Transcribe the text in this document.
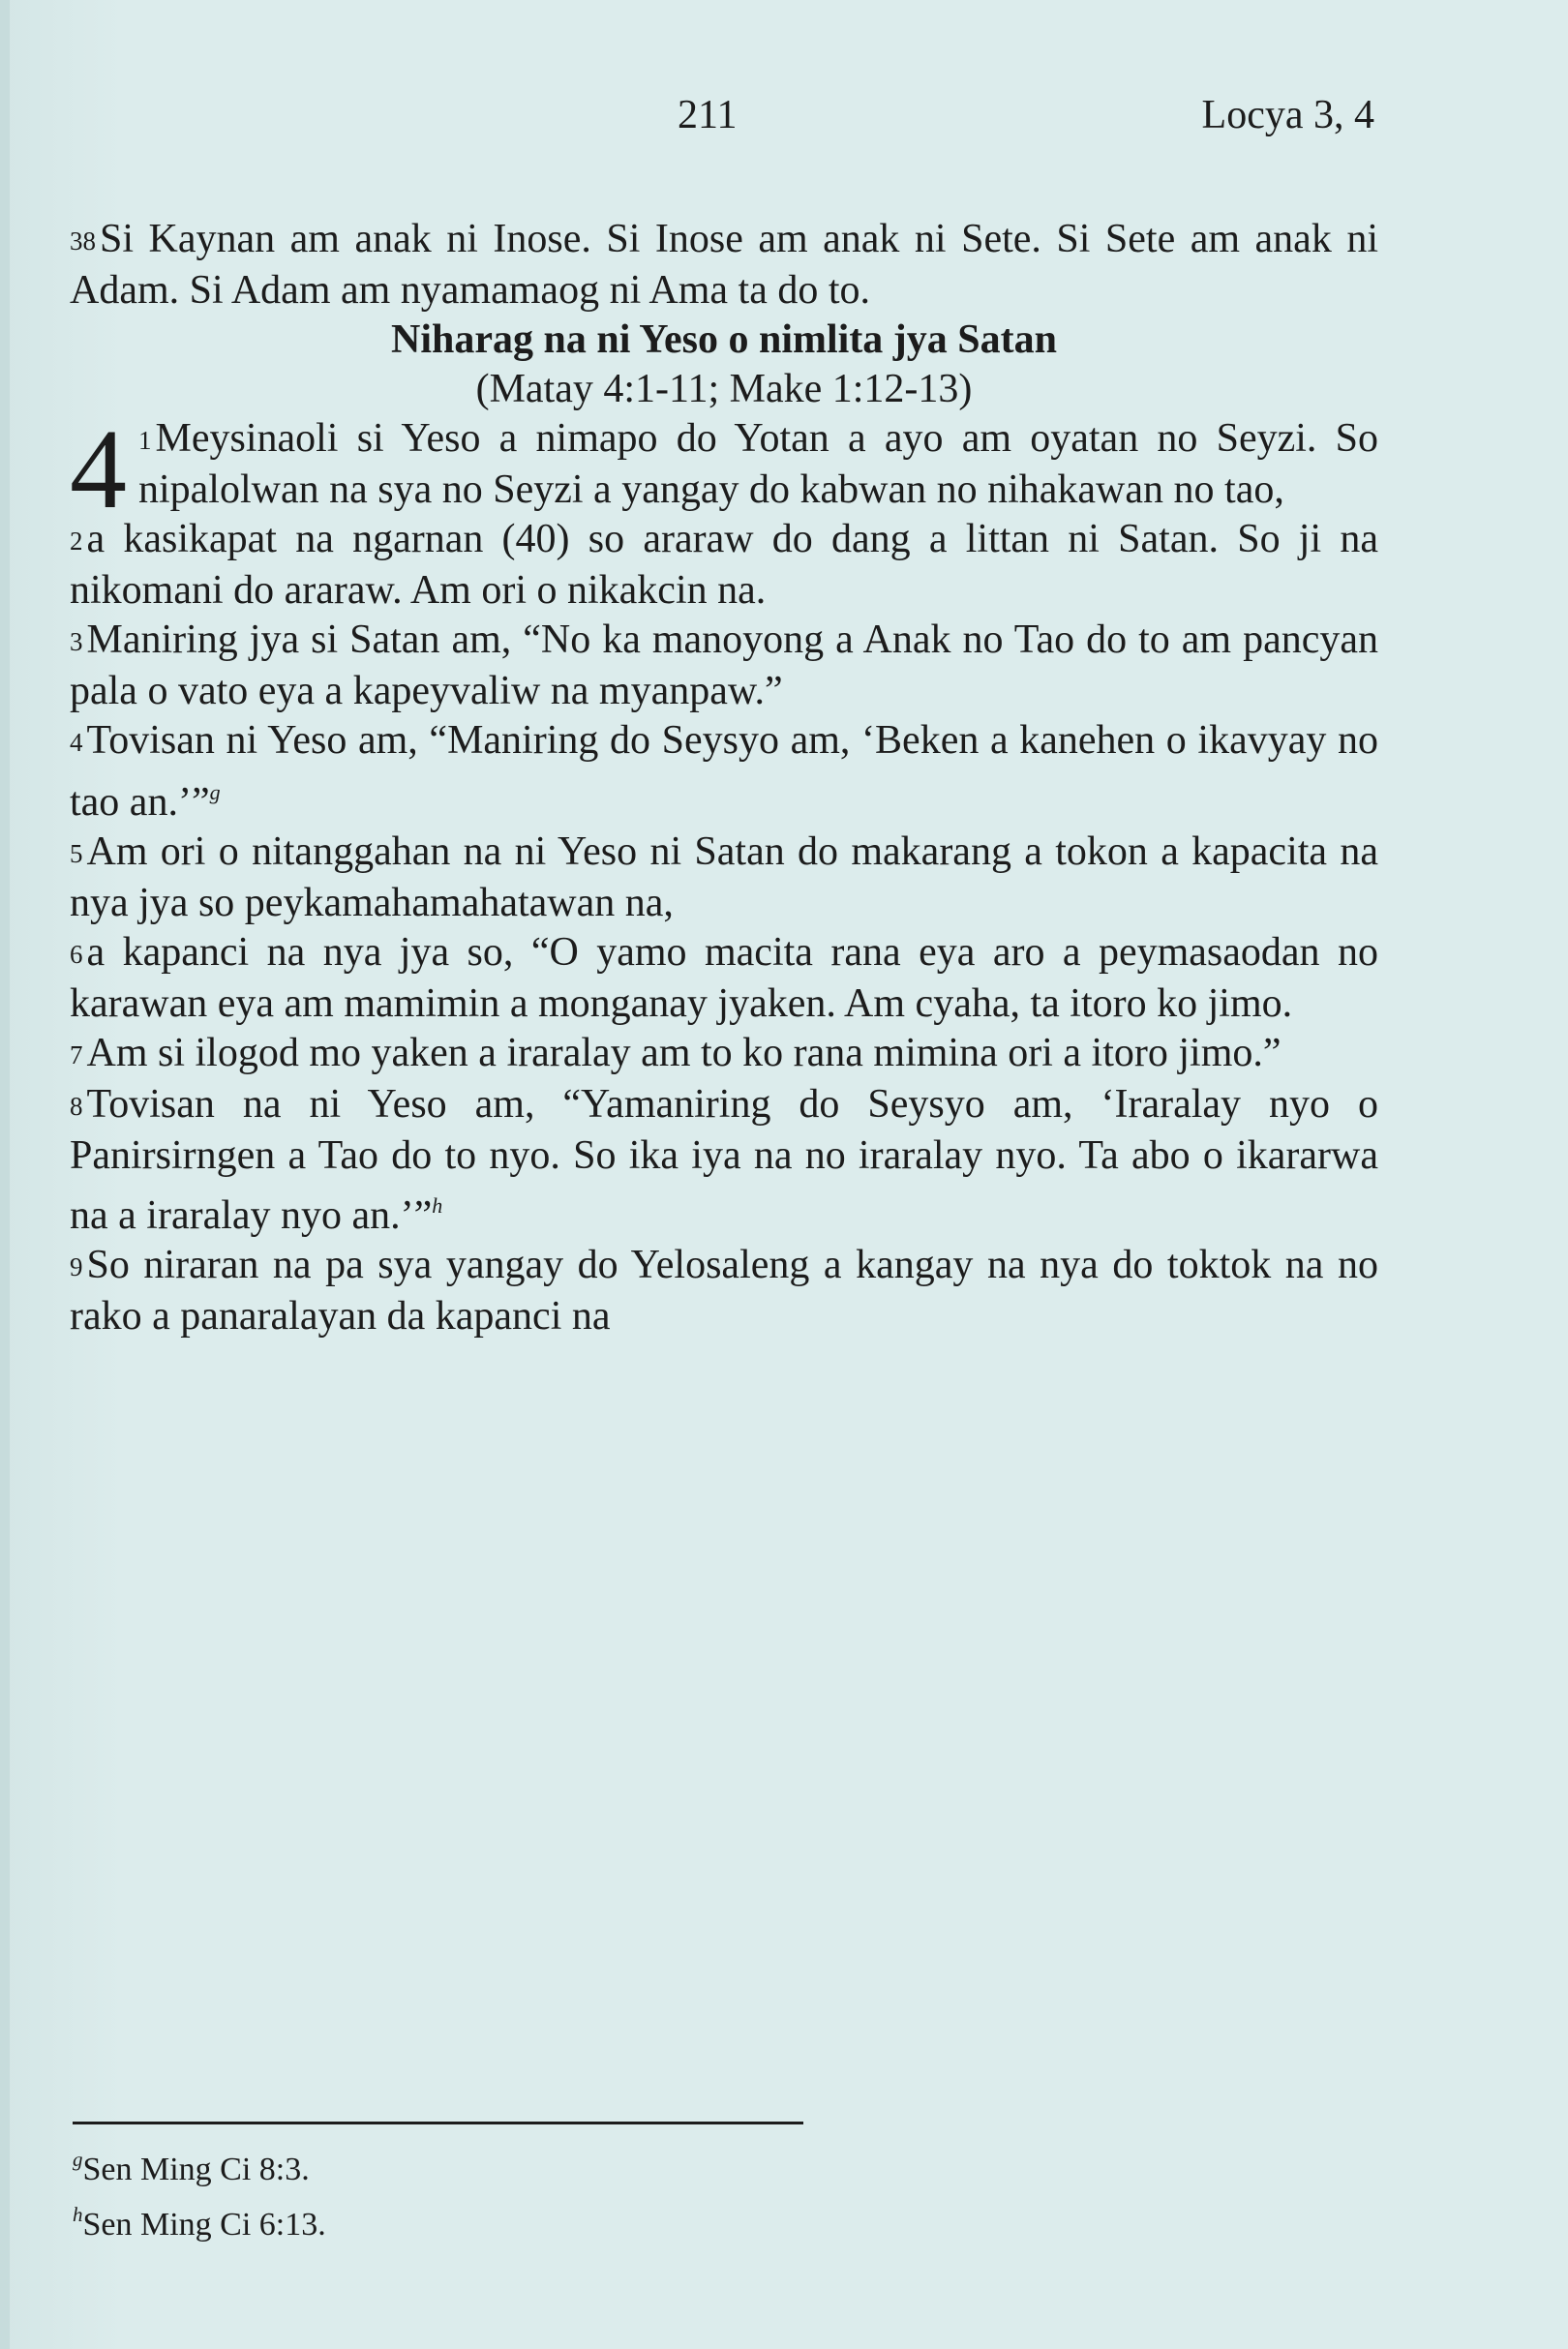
211	Locya 3, 4

38Si Kaynan am anak ni Inose. Si Inose am anak ni Sete. Si Sete am anak ni Adam. Si Adam am nyamamaog ni Ama ta do to.

Niharag na ni Yeso o nimlita jya Satan

(Matay 4:1-11; Make 1:12-13)

4 1Meysinaoli si Yeso a nimapo do Yotan a ayo am oyatan no Seyzi. So nipalolwan na sya no Seyzi a yangay do kabwan no nihakawan no tao,

2a kasikapat na ngarnan (40) so araraw do dang a littan ni Satan. So ji na nikomani do araraw. Am ori o nikakcin na.

3Maniring jya si Satan am, “No ka manoyong a Anak no Tao do to am pancyan pala o vato eya a kapeyvaliw na myanpaw.”

4Tovisan ni Yeso am, “Maniring do Seysyo am, ‘Beken a kanehen o ikavyay no tao an.’”$^g$

5Am ori o nitanggahan na ni Yeso ni Satan do makarang a tokon a kapacita na nya jya so peykamahamahatawan na,

6a kapanci na nya jya so, “O yamo macita rana eya aro a peymasaodan no karawan eya am mamimin a monganay jyaken. Am cyaha, ta itoro ko jimo.

7Am si ilogod mo yaken a iraralay am to ko rana mimina ori a itoro jimo.”

8Tovisan na ni Yeso am, “Yamaniring do Seysyo am, ‘Iraralay nyo o Panirsirngen a Tao do to nyo. So ika iya na no iraralay nyo. Ta abo o ikararwa na a iraralay nyo an.’”$^h$

9So niraran na pa sya yangay do Yelosaleng a kangay na nya do toktok na no rako a panaralayan da kapanci na

$^g$Sen Ming Ci 8:3.
$^h$Sen Ming Ci 6:13.
